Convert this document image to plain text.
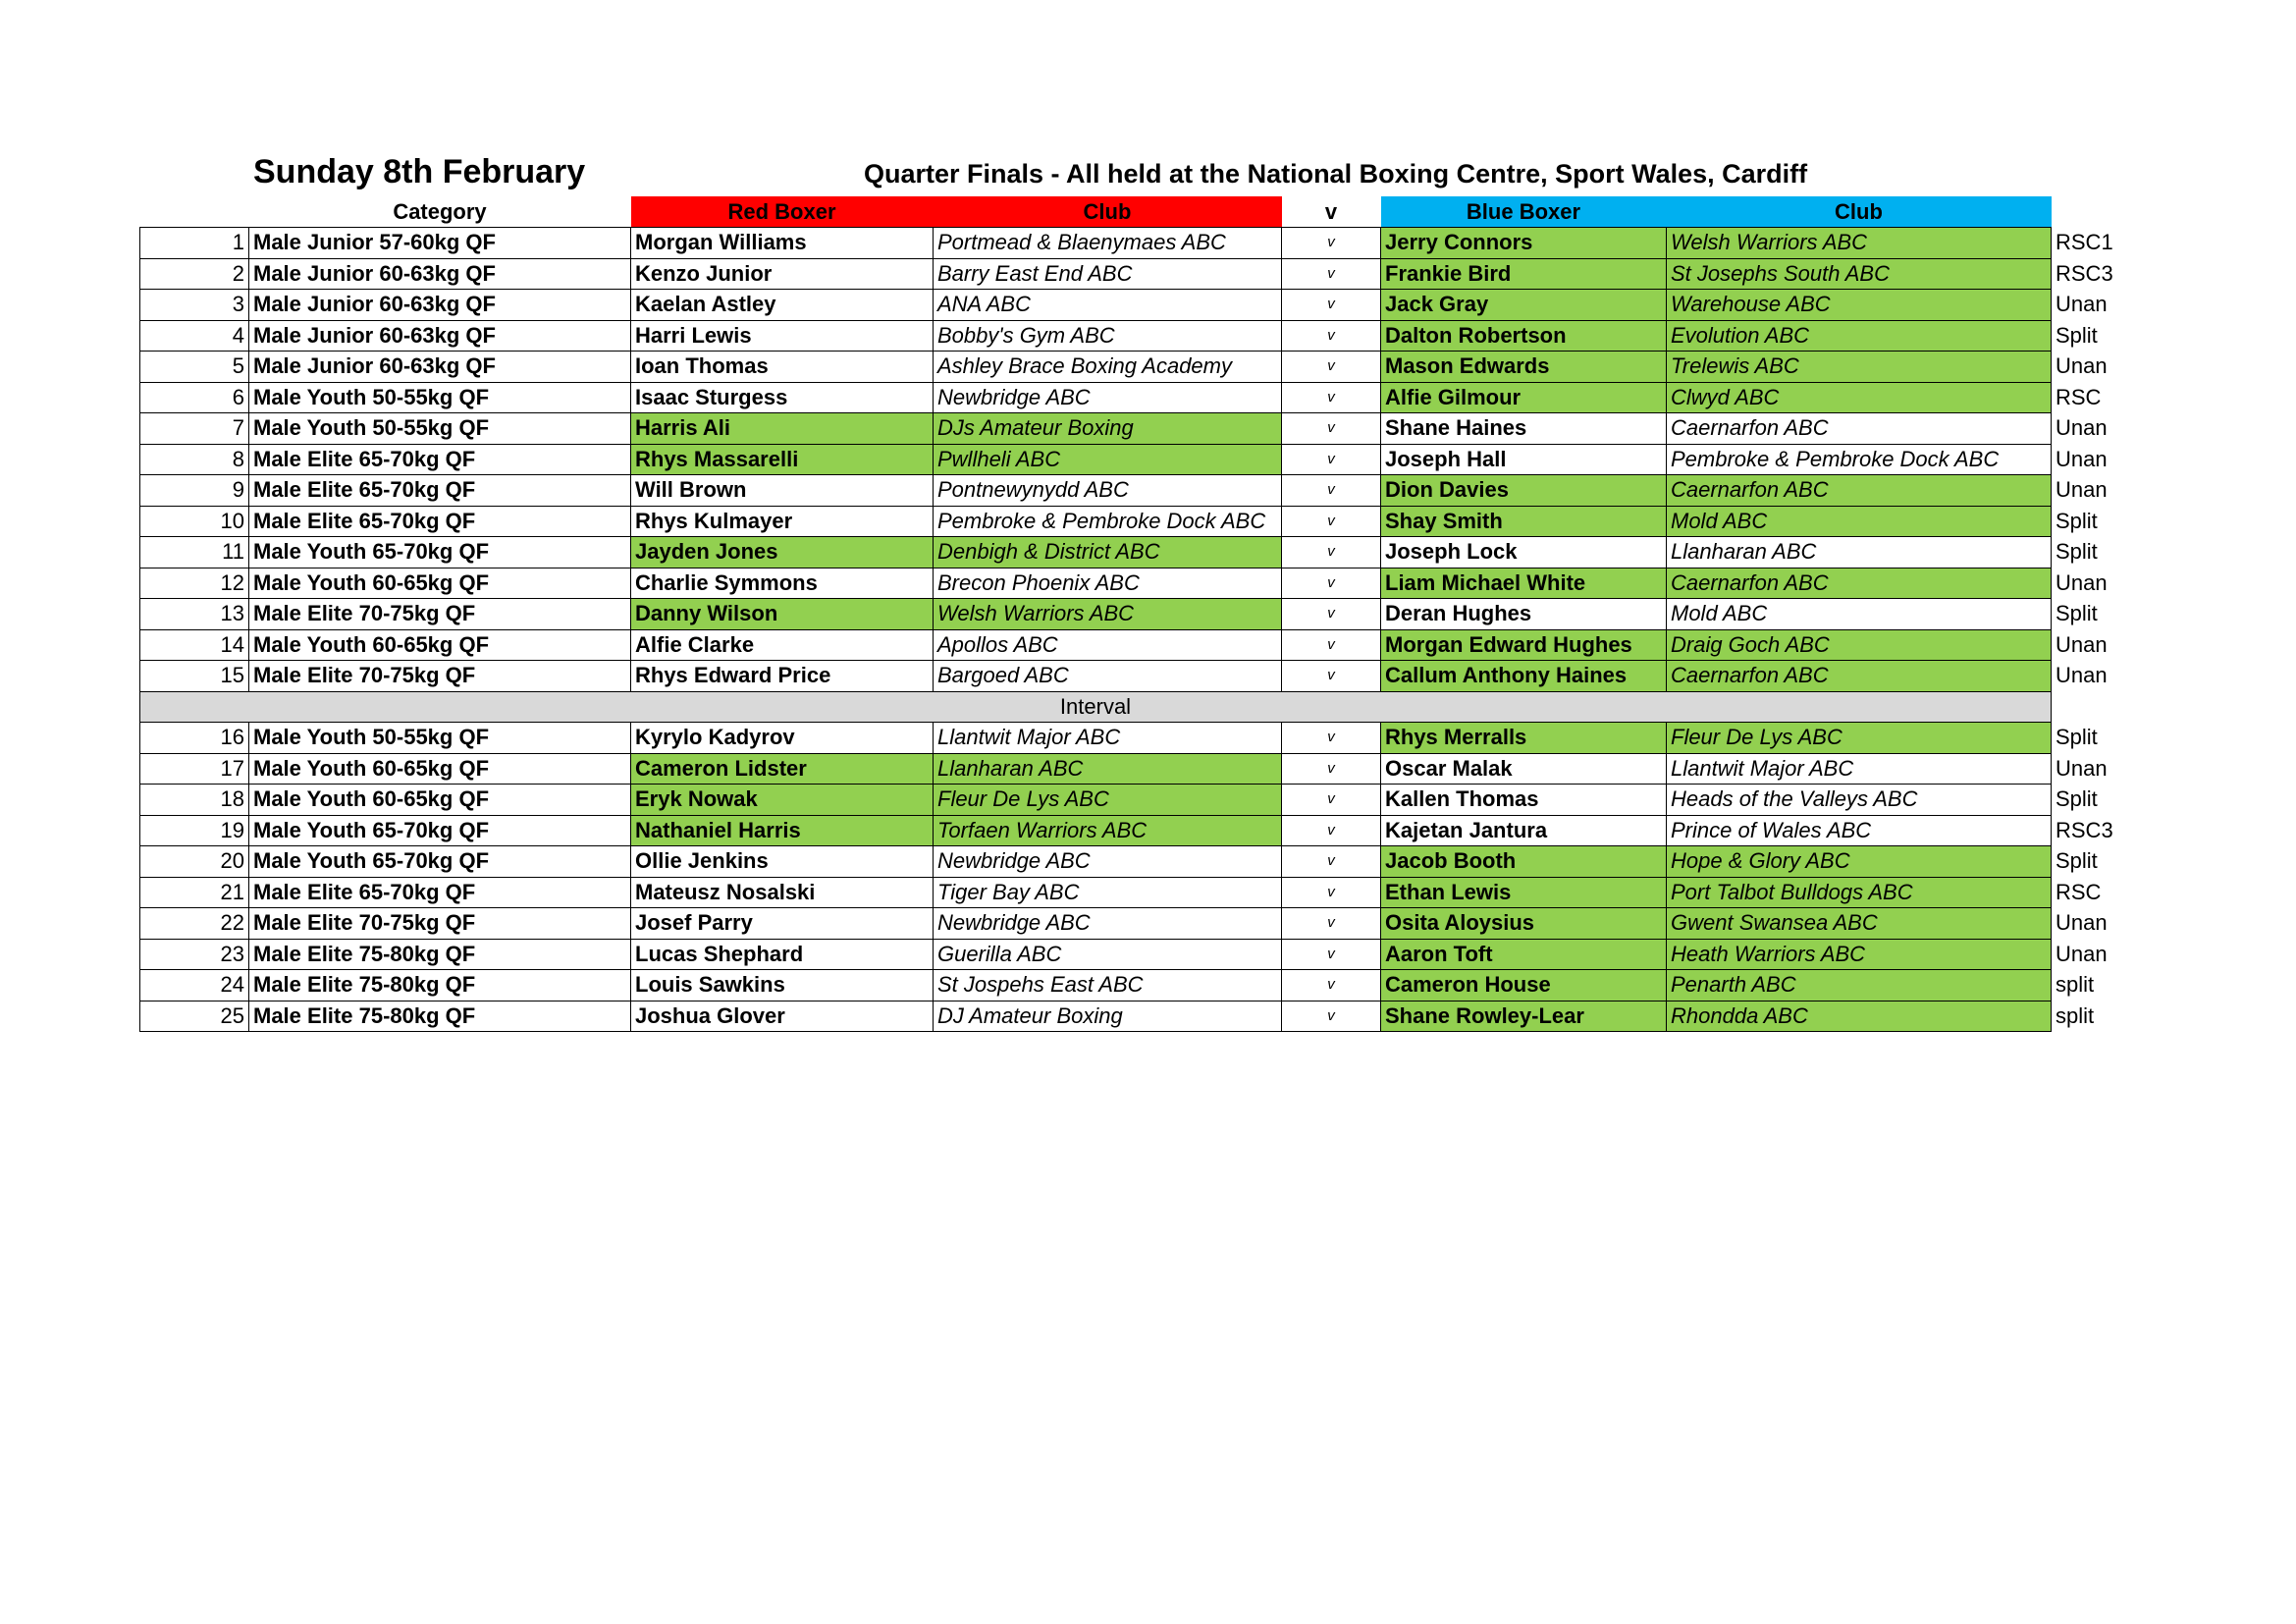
Sunday 8th February	Quarter Finals - All held at the National Boxing Centre, Sport Wales, Cardiff
	Category	Red Boxer	Club	v	Blue Boxer	Club	
1	Male Junior 57-60kg QF	Morgan Williams	Portmead & Blaenymaes ABC	v	Jerry Connors	Welsh Warriors ABC	RSC1
2	Male Junior 60-63kg QF	Kenzo Junior	Barry East End ABC	v	Frankie Bird	St Josephs South ABC	RSC3
3	Male Junior 60-63kg QF	Kaelan Astley	ANA ABC	v	Jack Gray	Warehouse ABC	Unan
4	Male Junior 60-63kg QF	Harri Lewis	Bobby's Gym ABC	v	Dalton Robertson	Evolution ABC	Split
5	Male Junior 60-63kg QF	Ioan Thomas	Ashley Brace Boxing Academy	v	Mason Edwards	Trelewis ABC	Unan
6	Male Youth 50-55kg QF	Isaac Sturgess	Newbridge ABC	v	Alfie Gilmour	Clwyd ABC	RSC
7	Male Youth 50-55kg QF	Harris Ali	DJs Amateur Boxing	v	Shane Haines	Caernarfon ABC	Unan
8	Male Elite 65-70kg QF	Rhys Massarelli	Pwllheli ABC	v	Joseph Hall	Pembroke & Pembroke Dock ABC	Unan
9	Male Elite 65-70kg QF	Will Brown	Pontnewynydd ABC	v	Dion Davies	Caernarfon ABC	Unan
10	Male Elite 65-70kg QF	Rhys Kulmayer	Pembroke & Pembroke Dock ABC	v	Shay Smith	Mold ABC	Split
11	Male Youth 65-70kg QF	Jayden Jones	Denbigh & District ABC	v	Joseph Lock	Llanharan ABC	Split
12	Male Youth 60-65kg QF	Charlie Symmons	Brecon Phoenix ABC	v	Liam Michael White	Caernarfon ABC	Unan
13	Male Elite 70-75kg QF	Danny Wilson	Welsh Warriors ABC	v	Deran Hughes	Mold ABC	Split
14	Male Youth 60-65kg QF	Alfie Clarke	Apollos ABC	v	Morgan Edward Hughes	Draig Goch ABC	Unan
15	Male Elite 70-75kg QF	Rhys Edward Price	Bargoed ABC	v	Callum Anthony Haines	Caernarfon ABC	Unan
Interval							
16	Male Youth 50-55kg QF	Kyrylo Kadyrov	Llantwit Major ABC	v	Rhys Merralls	Fleur De Lys ABC	Split
17	Male Youth 60-65kg QF	Cameron Lidster	Llanharan ABC	v	Oscar Malak	Llantwit Major ABC	Unan
18	Male Youth 60-65kg QF	Eryk Nowak	Fleur De Lys ABC	v	Kallen Thomas	Heads of the Valleys ABC	Split
19	Male Youth 65-70kg QF	Nathaniel Harris	Torfaen Warriors ABC	v	Kajetan Jantura	Prince of Wales ABC	RSC3
20	Male Youth 65-70kg QF	Ollie Jenkins	Newbridge ABC	v	Jacob Booth	Hope & Glory ABC	Split
21	Male Elite 65-70kg QF	Mateusz Nosalski	Tiger Bay ABC	v	Ethan Lewis	Port Talbot Bulldogs ABC	RSC
22	Male Elite 70-75kg QF	Josef Parry	Newbridge ABC	v	Osita Aloysius	Gwent Swansea ABC	Unan
23	Male Elite 75-80kg QF	Lucas Shephard	Guerilla ABC	v	Aaron Toft	Heath Warriors ABC	Unan
24	Male Elite 75-80kg QF	Louis Sawkins	St Jospehs East ABC	v	Cameron House	Penarth ABC	split
25	Male Elite 75-80kg QF	Joshua Glover	DJ Amateur Boxing	v	Shane Rowley-Lear	Rhondda ABC	split
